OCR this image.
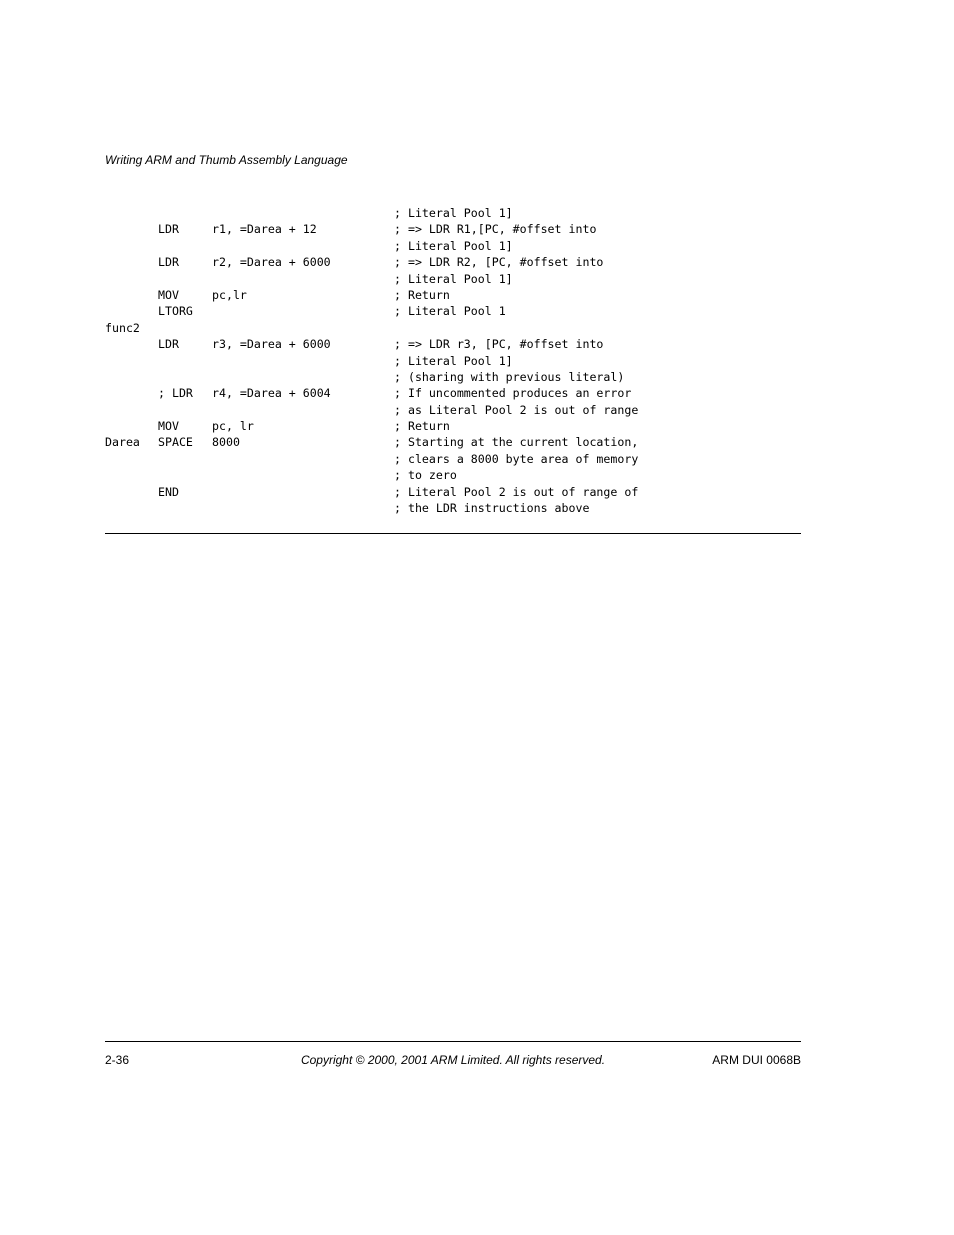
Writing ARM and Thumb Assembly Language
; Literal Pool 1]
LDR	r1, =Darea + 12	; => LDR R1,[PC, #offset into
; Literal Pool 1]
LDR	r2, =Darea + 6000	; => LDR R2, [PC, #offset into
; Literal Pool 1]
MOV	pc,lr	; Return
LTORG	; Literal Pool 1
func2
LDR	r3, =Darea + 6000	; => LDR r3, [PC, #offset into
; Literal Pool 1]
; (sharing with previous literal)
; LDR r4, =Darea + 6004	; If uncommented produces an error
; as Literal Pool 2 is out of range
MOV	pc, lr	; Return
Darea SPACE 8000	; Starting at the current location,
; clears a 8000 byte area of memory
; to zero
END	; Literal Pool 2 is out of range of
; the LDR instructions above
2-36	Copyright © 2000, 2001 ARM Limited. All rights reserved.	ARM DUI 0068B
